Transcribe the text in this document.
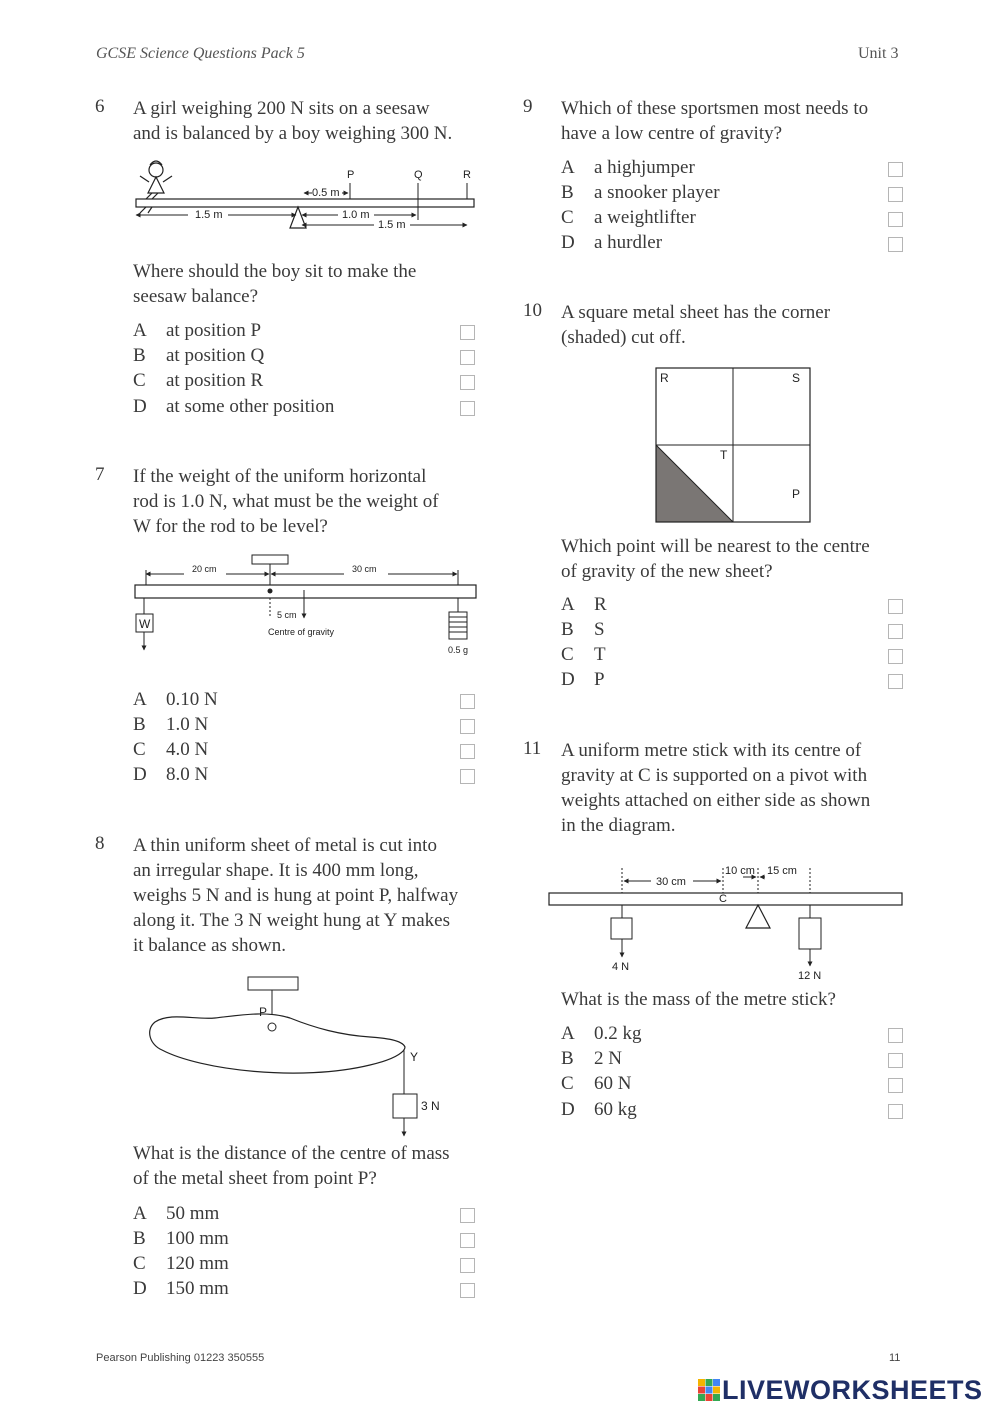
GCSE Science Questions Pack 5	Unit 3
6 A girl weighing 200 N sits on a seesaw
and is balanced by a boy weighing 300 N.
P	Q	R
0.5 m
1.5 m	1.0 m
1.5 m
Where should the boy sit to make the
seesaw balance?
A at position P
B at position Q
C at position R
D at some other position
7 If the weight of the uniform horizontal
rod is 1.0 N, what must be the weight of
W for the rod to be level?
20 cm	30 cm
5 cm
Centre of gravity
W
0.5 g
A 0.10 N
B 1.0 N
C 4.0 N
D 8.0 N
8 A thin uniform sheet of metal is cut into
an irregular shape. It is 400 mm long,
weighs 5 N and is hung at point P, halfway
along it. The 3 N weight hung at Y makes
it balance as shown.
P
Y
3 N
What is the distance of the centre of mass
of the metal sheet from point P?
A 50 mm
B 100 mm
C 120 mm
D 150 mm
9 Which of these sportsmen most needs to
have a low centre of gravity?
A a highjumper
B a snooker player
C a weightlifter
D a hurdler
10 A square metal sheet has the corner
(shaded) cut off.
R	S
T
P
Which point will be nearest to the centre
of gravity of the new sheet?
A R
B S
C T
D P
11 A uniform metre stick with its centre of
gravity at C is supported on a pivot with
weights attached on either side as shown
in the diagram.
30 cm
10 cm 15 cm
C
4 N
12 N
What is the mass of the metre stick?
A 0.2 kg
B 2 N
C 60 N
D 60 kg
Pearson Publishing 01223 350555	11
LIVEWORKSHEETS
